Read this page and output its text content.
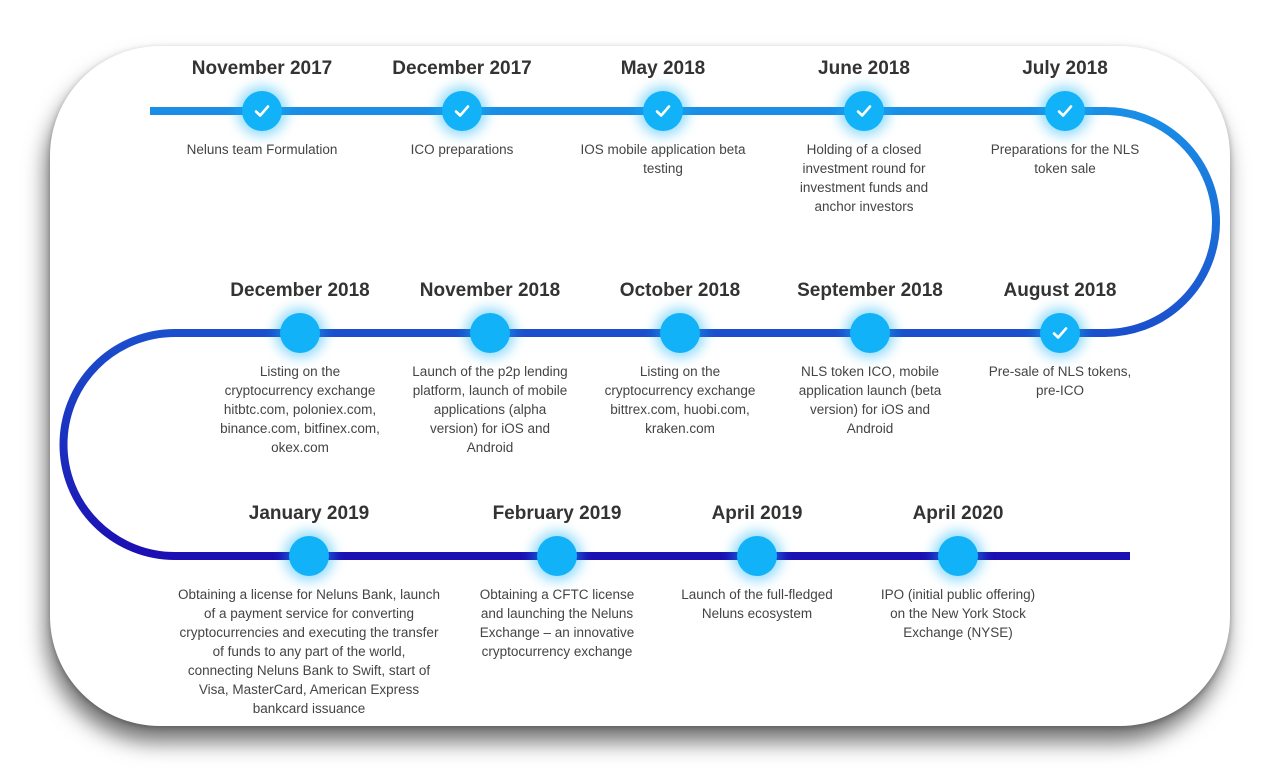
November 2017
Neluns team Formulation
December 2017
ICO preparations
May 2018
IOS mobile application beta
testing
June 2018
Holding of a closed
investment round for
investment funds and
anchor investors
July 2018
Preparations for the NLS
token sale
August 2018
Pre-sale of NLS tokens,
pre-ICO
September 2018
NLS token ICO, mobile
application launch (beta
version) for iOS and
Android
October 2018
Listing on the
cryptocurrency exchange
bittrex.com, huobi.com,
kraken.com
November 2018
Launch of the p2p lending
platform, launch of mobile
applications (alpha
version) for iOS and
Android
December 2018
Listing on the
cryptocurrency exchange
hitbtc.com, poloniex.com,
binance.com, bitfinex.com,
okex.com
January 2019
Obtaining a license for Neluns Bank, launch
of a payment service for converting
cryptocurrencies and executing the transfer
of funds to any part of the world,
connecting Neluns Bank to Swift, start of
Visa, MasterCard, American Express
bankcard issuance
February 2019
Obtaining a CFTC license
and launching the Neluns
Exchange – an innovative
cryptocurrency exchange
April 2019
Launch of the full-fledged
Neluns ecosystem
April 2020
IPO (initial public offering)
on the New York Stock
Exchange (NYSE)
